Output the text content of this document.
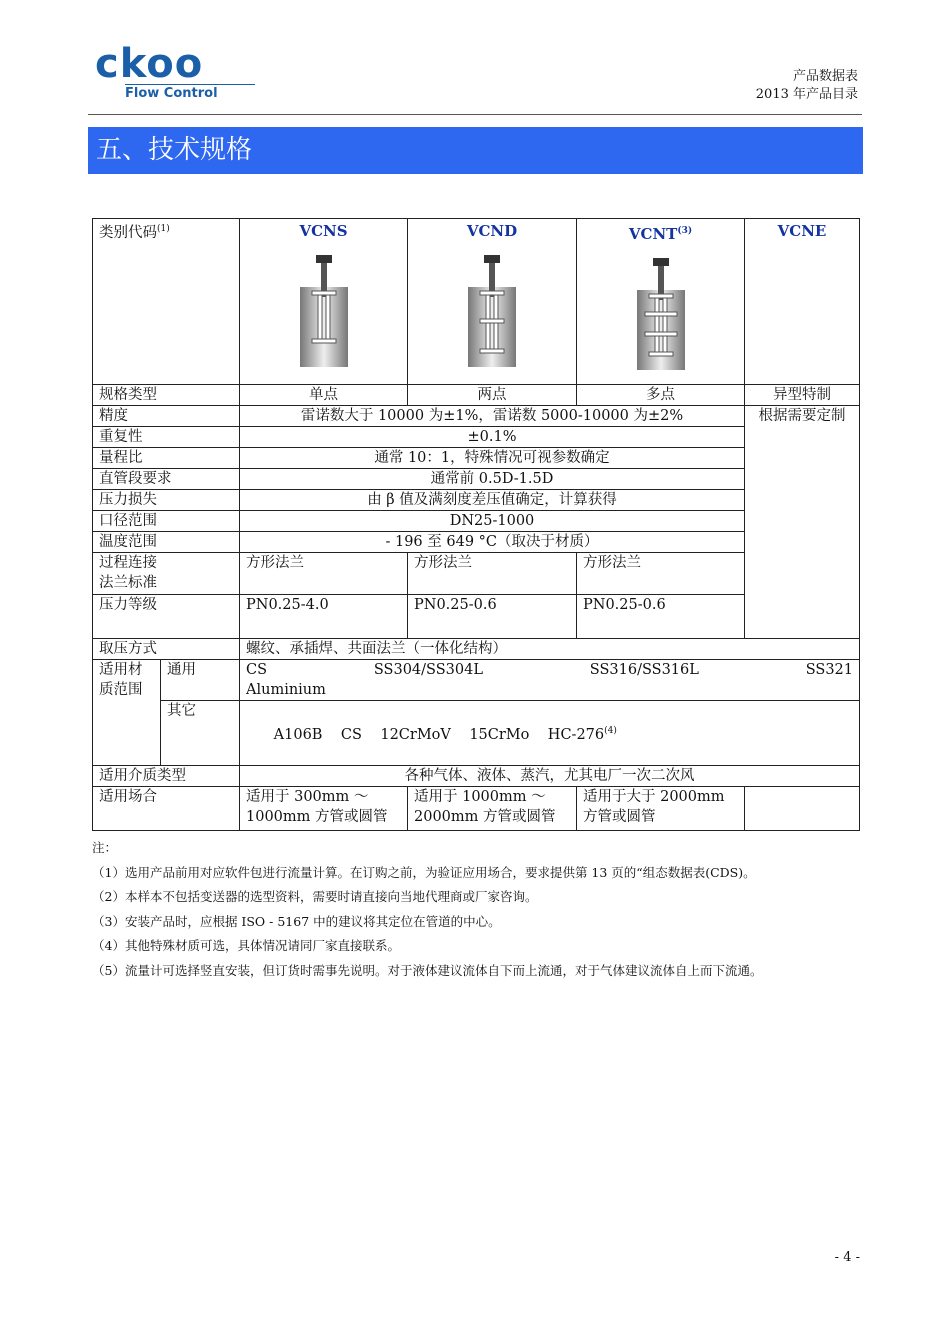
ckoo
Flow Control
产品数据表
2013 年产品目录
五、技术规格
类别代码$^{(1)}$		VCNS	VCND	VCNT$^{(3)}$	VCNE

规格类型		单点	两点	多点	异型特制
精度		雷诺数大于 10000 为±1%，雷诺数 5000-10000 为±2%			根据需要定制
重复性		±0.1%			
量程比		通常 10：1，特殊情况可视参数确定			
直管段要求		通常前 0.5D-1.5D			
压力损失		由 β 值及满刻度差压值确定，计算获得			
口径范围		DN25-1000			
温度范围		- 196 至 649 °C（取决于材质）			

过程连接
法兰标准		方形法兰	方形法兰	方形法兰	
压力等级		PN0.25-4.0	PN0.25-0.6	PN0.25-0.6	
取压方式		螺纹、承插焊、共面法兰（一体化结构）			
适用材质范围	通用	CS SS304/SS304L SS316/SS316L SS321
Aluminium			

	其它	A106B    CS    12CrMoV    15CrMo    HC-276$^{(4)}$

适用介质类型		各种气体、液体、蒸汽，尤其电厂一次二次风			
适用场合		适用于 300mm ～ 1000mm 方管或圆管	适用于 1000mm ～ 2000mm 方管或圆管	适用于大于 2000mm 方管或圆管	
注：
（1）选用产品前用对应软件包进行流量计算。在订购之前，为验证应用场合，要求提供第 13 页的“组态数据表(CDS)。
（2）本样本不包括变送器的选型资料，需要时请直接向当地代理商或厂家咨询。
（3）安装产品时，应根据 ISO - 5167 中的建议将其定位在管道的中心。
（4）其他特殊材质可选，具体情况请同厂家直接联系。
（5）流量计可选择竖直安装，但订货时需事先说明。对于液体建议流体自下而上流通，对于气体建议流体自上而下流通。
- 4 -
